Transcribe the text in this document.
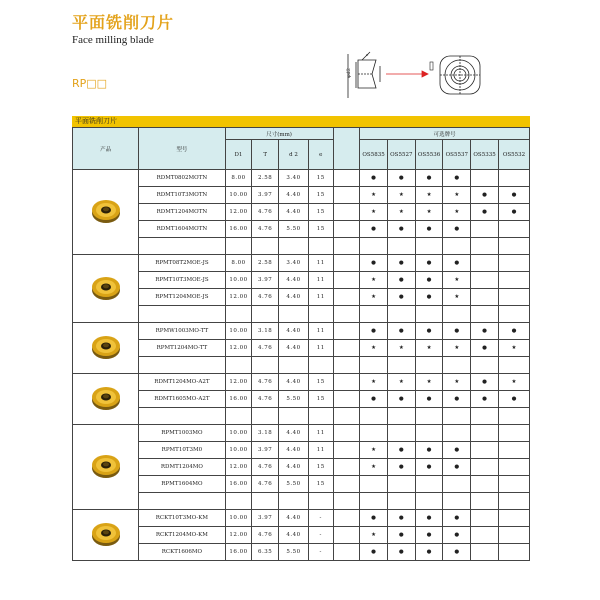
平面铣削刀片
Face milling blade
RP□□
φd2
e
平面铣削刀片
产品	型号	尺寸(mm)					可选牌号					
		D1	T	d 2	e		OS5835	OS5527	OS5536	OS5537	OS5335	OS5532
	RDMT0802MOTN	8.00	2.58	3.40	15		●	●	●	●		
	RDMT10T3MOTN	10.00	3.97	4.40	15		★	★	★	★	●	●
	RDMT1204MOTN	12.00	4.76	4.40	15		★	★	★	★	●	●
	RDMT1604MOTN	16.00	4.76	5.50	15		●	●	●	●		

	RPMT08T2MOE-JS	8.00	2.58	3.40	11		●	●	●	●		
	RPMT10T3MOE-JS	10.00	3.97	4.40	11		★	●	●	★		
	RPMT1204MOE-JS	12.00	4.76	4.40	11		★	●	●	★		

	RPMW1003MO-TT	10.00	3.18	4.40	11		●	●	●	●	●	●
	RPMT1204MO-TT	12.00	4.76	4.40	11		★	★	★	★	●	★

	RDMT1204MO-A2T	12.00	4.76	4.40	15		★	★	★	★	●	★
	RDMT1605MO-A2T	16.00	4.76	5.50	15		●	●	●	●	●	●

	RPMT1003MO	10.00	3.18	4.40	11							
	RPMT10T3M0	10.00	3.97	4.40	11		★	●	●	●		
	RDMT1204MO	12.00	4.76	4.40	15		★	●	●	●		
	RPMT1604MO	16.00	4.76	5.50	15							

	RCKT10T3MO-KM	10.00	3.97	4.40	-		●	●	●	●		
	RCKT1204MO-KM	12.00	4.76	4.40	-		★	●	●	●		
	RCKT1606MO	16.00	6.35	5.50	-		●	●	●	●		
